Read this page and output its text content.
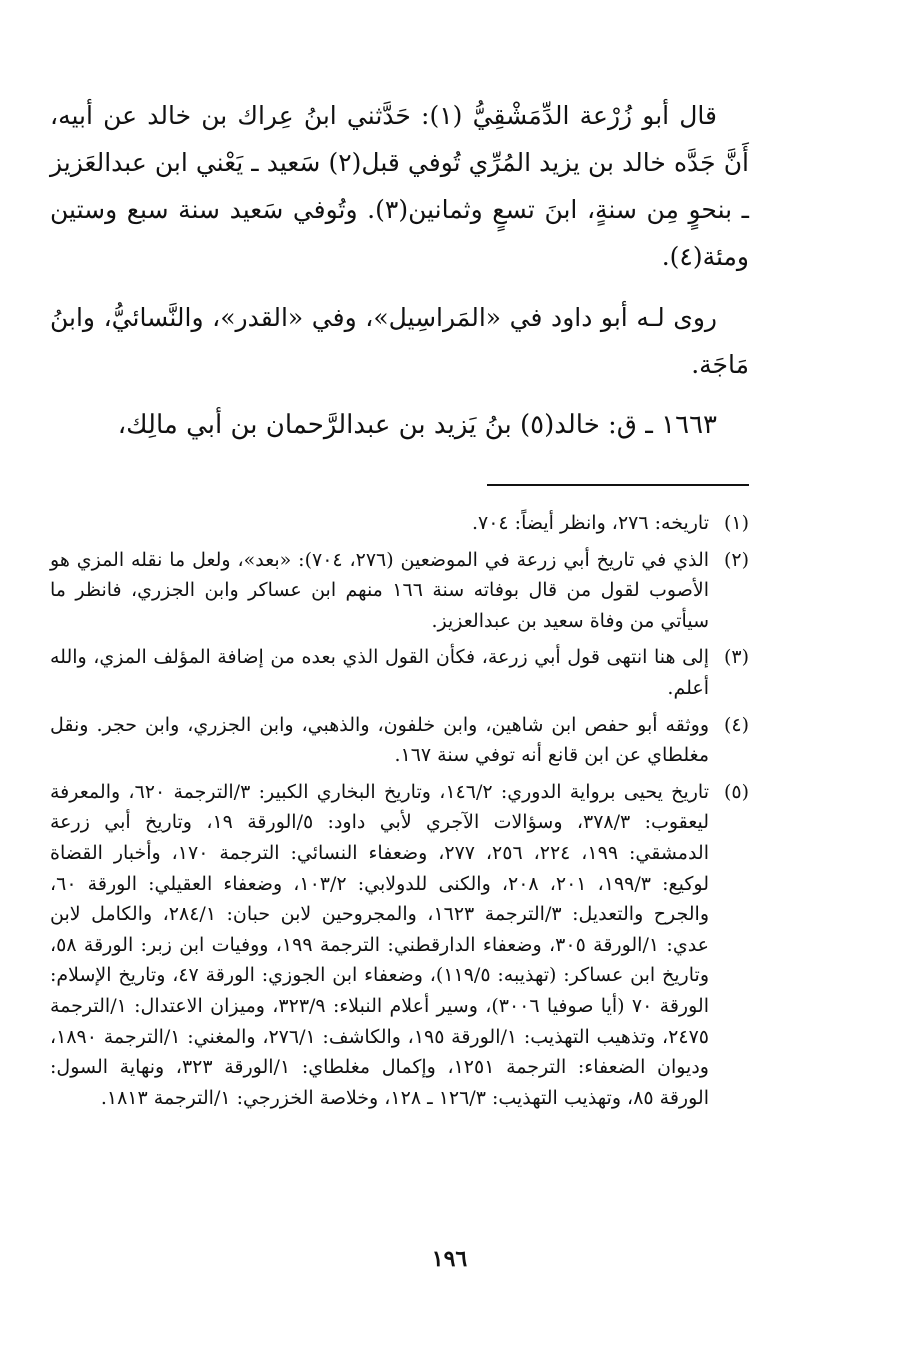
قال أبو زُرْعة الدِّمَشْقِيُّ (١): حَدَّثني ابنُ عِراك بن خالد عن أبيه، أَنَّ جَدَّه خالد بن يزيد المُرِّي تُوفي قبل(٢) سَعيد ـ يَعْني ابن عبدالعَزيز ـ بنحوٍ مِن سنةٍ، ابنَ تسعٍ وثمانين(٣). وتُوفي سَعيد سنة سبع وستين ومئة(٤).

روى لـه أبو داود في «المَراسِيل»، وفي «القدر»، والنَّسائيُّ، وابنُ مَاجَة.

١٦٦٣ ـ ق: خالد(٥) بنُ يَزيد بن عبدالرَّحمان بن أبي مالِك،

(١)
تاريخه: ٢٧٦، وانظر أيضاً: ٧٠٤.
(٢)
الذي في تاريخ أبي زرعة في الموضعين (٢٧٦، ٧٠٤): «بعد»، ولعل ما نقله المزي هو الأصوب لقول من قال بوفاته سنة ١٦٦ منهم ابن عساكر وابن الجزري، فانظر ما سيأتي من وفاة سعيد بن عبدالعزيز.
(٣)
إلى هنا انتهى قول أبي زرعة، فكأن القول الذي بعده من إضافة المؤلف المزي، والله أعلم.
(٤)
ووثقه أبو حفص ابن شاهين، وابن خلفون، والذهبي، وابن الجزري، وابن حجر. ونقل مغلطاي عن ابن قانع أنه توفي سنة ١٦٧.
(٥)
تاريخ يحيى برواية الدوري: ١٤٦/٢، وتاريخ البخاري الكبير: ٣/الترجمة ٦٢٠، والمعرفة ليعقوب: ٣٧٨/٣، وسؤالات الآجري لأبي داود: ٥/الورقة ١٩، وتاريخ أبي زرعة الدمشقي: ١٩٩، ٢٢٤، ٢٥٦، ٢٧٧، وضعفاء النسائي: الترجمة ١٧٠، وأخبار القضاة لوكيع: ١٩٩/٣، ٢٠١، ٢٠٨، والكنى للدولابي: ١٠٣/٢، وضعفاء العقيلي: الورقة ٦٠، والجرح والتعديل: ٣/الترجمة ١٦٢٣، والمجروحين لابن حبان: ٢٨٤/١، والكامل لابن عدي: ١/الورقة ٣٠٥، وضعفاء الدارقطني: الترجمة ١٩٩، ووفيات ابن زبر: الورقة ٥٨، وتاريخ ابن عساكر: (تهذيبه: ١١٩/٥)، وضعفاء ابن الجوزي: الورقة ٤٧، وتاريخ الإسلام: الورقة ٧٠ (أيا صوفيا ٣٠٠٦)، وسير أعلام النبلاء: ٣٢٣/٩، وميزان الاعتدال: ١/الترجمة ٢٤٧٥، وتذهيب التهذيب: ١/الورقة ١٩٥، والكاشف: ٢٧٦/١، والمغني: ١/الترجمة ١٨٩٠، وديوان الضعفاء: الترجمة ١٢٥١، وإكمال مغلطاي: ١/الورقة ٣٢٣، ونهاية السول: الورقة ٨٥، وتهذيب التهذيب: ١٢٦/٣ ـ ١٢٨، وخلاصة الخزرجي: ١/الترجمة ١٨١٣.
١٩٦
